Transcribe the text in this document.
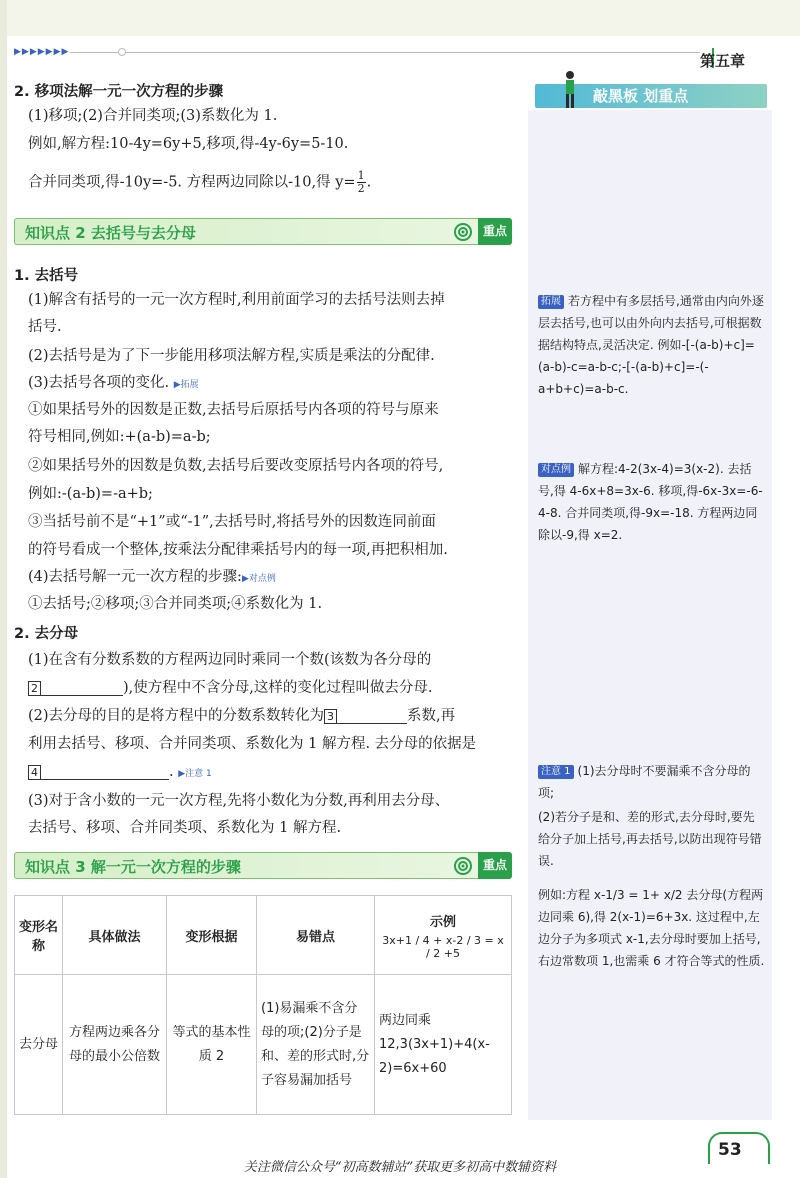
▶▶▶▶▶▶▶	第五章
敲黑板 划重点
2. 移项法解一元一次方程的步骤
(1)移项;(2)合并同类项;(3)系数化为 1.
例如,解方程:10-4y=6y+5,移项,得-4y-6y=5-10.
合并同类项,得-10y=-5. 方程两边同除以-10,得 $y= \frac{1}{2}$ .
知识点 2 去括号与去分母	重点
1. 去括号
(1)解含有括号的一元一次方程时,利用前面学习的去括号法则去掉
括号.
(2)去括号是为了下一步能用移项法解方程,实质是乘法的分配律.
(3)去括号各项的变化. ▶拓展
①如果括号外的因数是正数,去括号后原括号内各项的符号与原来
符号相同,例如:+(a-b)=a-b;
②如果括号外的因数是负数,去括号后要改变原括号内各项的符号,
例如:-(a-b)=-a+b;
③当括号前不是“+1”或“-1”,去括号时,将括号外的因数连同前面
的符号看成一个整体,按乘法分配律乘括号内的每一项,再把积相加.
(4)去括号解一元一次方程的步骤:▶对点例
①去括号;②移项;③合并同类项;④系数化为 1.
2. 去分母
(1)在含有分数系数的方程两边同时乘同一个数(该数为各分母的
2	),使方程中不含分母,这样的变化过程叫做去分母.
(2)去分母的目的是将方程中的分数系数转化为 3	系数,再
利用去括号、移项、合并同类项、系数化为 1 解方程. 去分母的依据是
4	. ▶注意 1
(3)对于含小数的一元一次方程,先将小数化为分数,再利用去分母、
去括号、移项、合并同类项、系数化为 1 解方程.
知识点 3 解一元一次方程的步骤	重点
变形名称	具体做法	变形根据	易错点	示例
3x+1 / 4 + x-2 / 3 = x / 2 +5

去分母	方程两边乘各分母的最小公倍数	等式的基本性质 2	(1)易漏乘不含分母的项;(2)分子是和、差的形式时,分子容易漏加括号	两边同乘 12,3(3x+1)+4(x-2)=6x+60
拓展 若方程中有多层括号,通常由内向外逐层去括号,也可以由外向内去括号,可根据数据结构特点,灵活决定. 例如-[-(a-b)+c]=(a-b)-c=a-b-c;-[-(a-b)+c]=-(-a+b+c)=a-b-c.
对点例 解方程:4-2(3x-4)=3(x-2). 去括号,得 4-6x+8=3x-6. 移项,得-6x-3x=-6-4-8. 合并同类项,得-9x=-18. 方程两边同除以-9,得 x=2.
注意 1 (1)去分母时不要漏乘不含分母的项;
(2)若分子是和、差的形式,去分母时,要先给分子加上括号,再去括号,以防出现符号错误.
例如:方程 x-1/3 = 1+ x/2 去分母(方程两边同乘 6),得 2(x-1)=6+3x. 这过程中,左边分子为多项式 x-1,去分母时要加上括号,右边常数项 1,也需乘 6 才符合等式的性质.
53
关注微信公众号“初高数辅站”获取更多初高中数辅资料
